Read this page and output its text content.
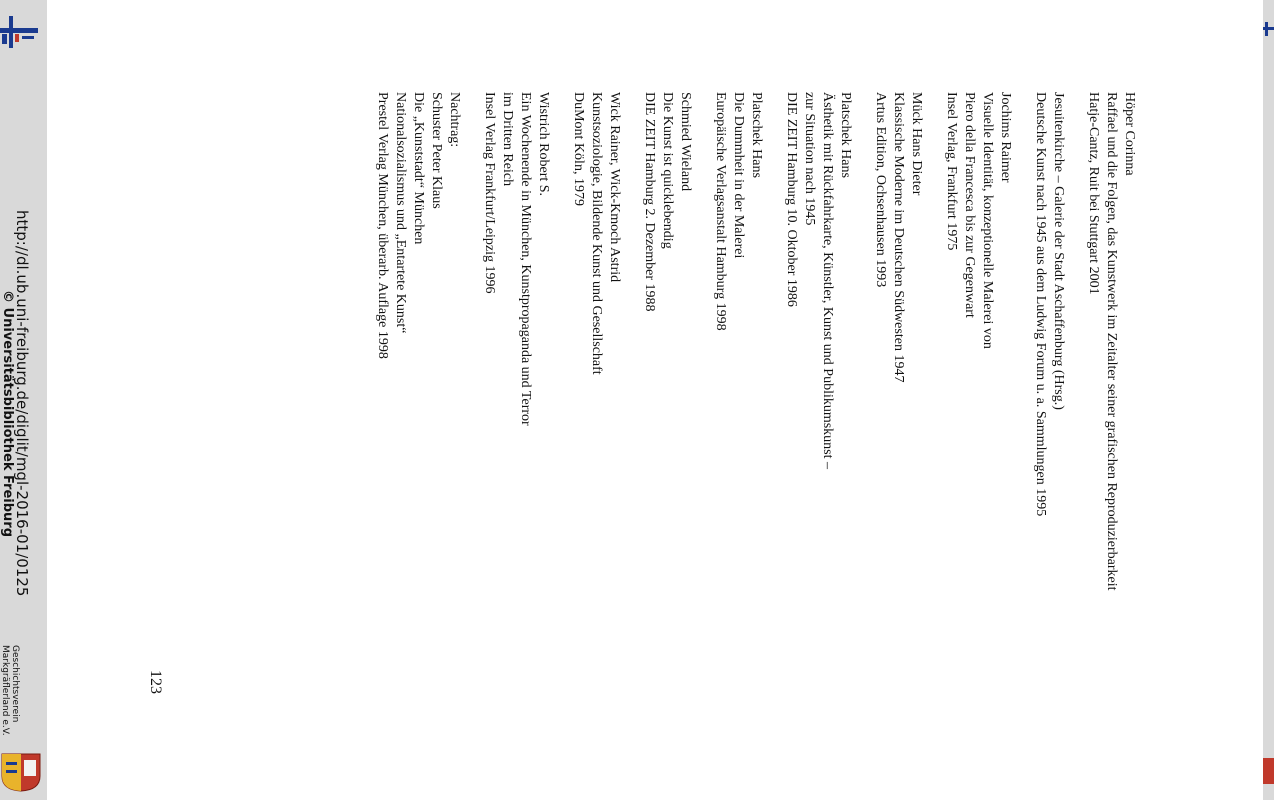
http://dl.ub.uni-freiburg.de/diglit/mgl-2016-01/0125
© Universitätsbibliothek Freiburg
Geschichtsverein
Markgräflerland e.V.
Höper Corinna
Raffael und die Folgen, das Kunstwerk im Zeitalter seiner grafischen Reproduzierbarkeit
Hatje-Cantz, Ruit bei Stuttgart 2001
Jesuitenkirche – Galerie der Stadt Aschaffenburg (Hrsg.)
Deutsche Kunst nach 1945 aus dem Ludwig Forum u. a. Sammlungen 1995
Jochims Raimer
Visuelle Identität, konzeptionelle Malerei von
Piero della Francesca bis zur Gegenwart
Insel Verlag, Frankfurt 1975
Mück Hans Dieter
Klassische Moderne im Deutschen Südwesten 1947
Artus Edition, Ochsenhausen 1993
Platschek Hans
Ästhetik mit Rückfahrkarte, Künstler, Kunst und Publikumskunst –
zur Situation nach 1945
DIE ZEIT Hamburg 10. Oktober 1986
Platschek Hans
Die Dummheit in der Malerei
Europäische Verlagsanstalt Hamburg 1998
Schmied Wieland
Die Kunst ist quicklebendig
DIE ZEIT Hamburg 2. Dezember 1988
Wick Rainer, Wick-Kmoch Astrid
Kunstsoziologie, Bildende Kunst und Gesellschaft
DuMont Köln, 1979
Wistrich Robert S.
Ein Wochenende in München, Kunstpropaganda und Terror
im Dritten Reich
Insel Verlag Frankfurt/Leipzig 1996
Nachtrag:
Schuster Peter Klaus
Die „Kunststadt“ München
Nationalsozialismus und „Entartete Kunst“
Prestel Verlag München, überarb. Auflage 1998
123
